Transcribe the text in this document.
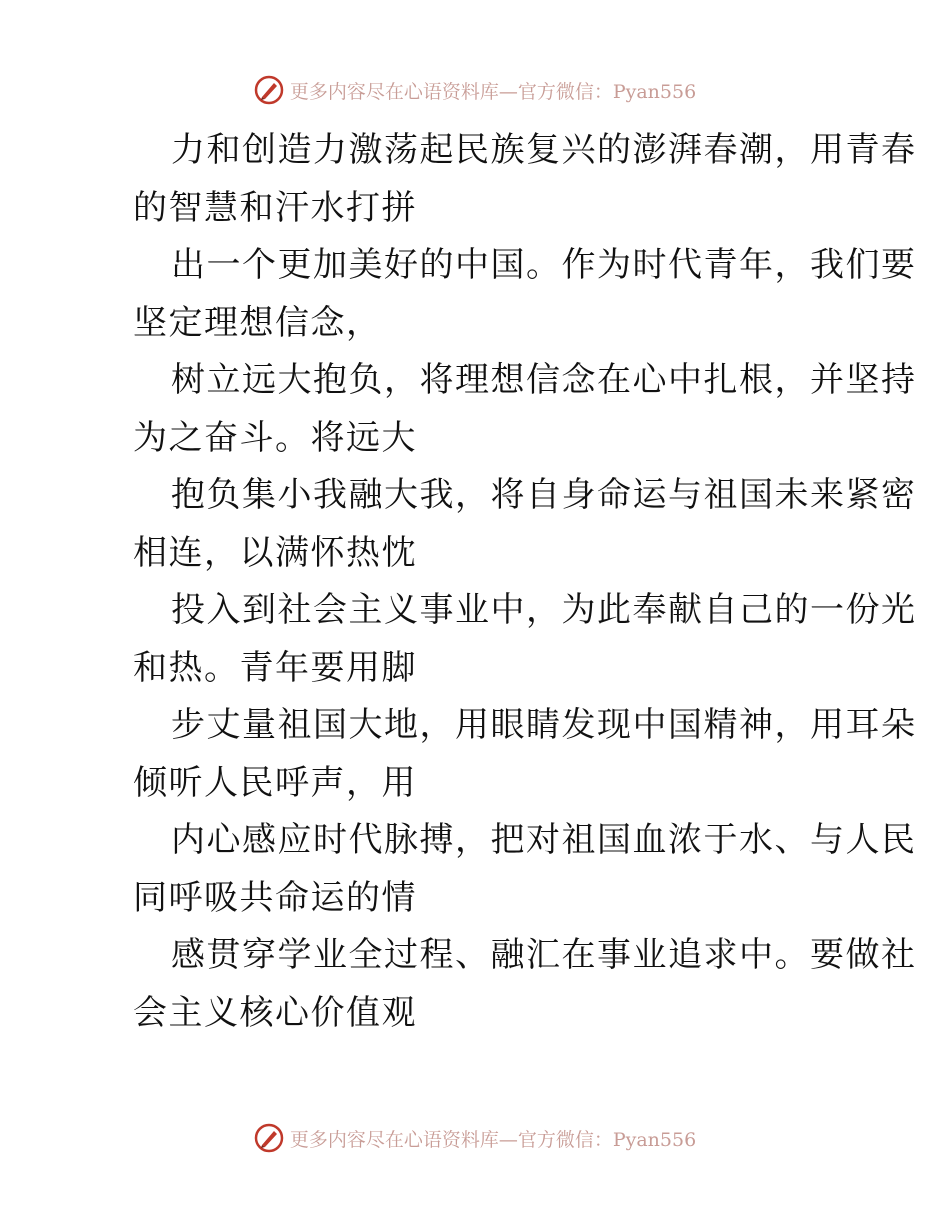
更多内容尽在心语资料库—官方微信：Pyan556
力和创造力激荡起民族复兴的澎湃春潮，用青春
的智慧和汗水打拼
出一个更加美好的中国。作为时代青年，我们要
坚定理想信念，
树立远大抱负，将理想信念在心中扎根，并坚持
为之奋斗。将远大
抱负集小我融大我，将自身命运与祖国未来紧密
相连，以满怀热忱
投入到社会主义事业中，为此奉献自己的一份光
和热。青年要用脚
步丈量祖国大地，用眼睛发现中国精神，用耳朵
倾听人民呼声，用
内心感应时代脉搏，把对祖国血浓于水、与人民
同呼吸共命运的情
感贯穿学业全过程、融汇在事业追求中。要做社
会主义核心价值观
更多内容尽在心语资料库—官方微信：Pyan556
